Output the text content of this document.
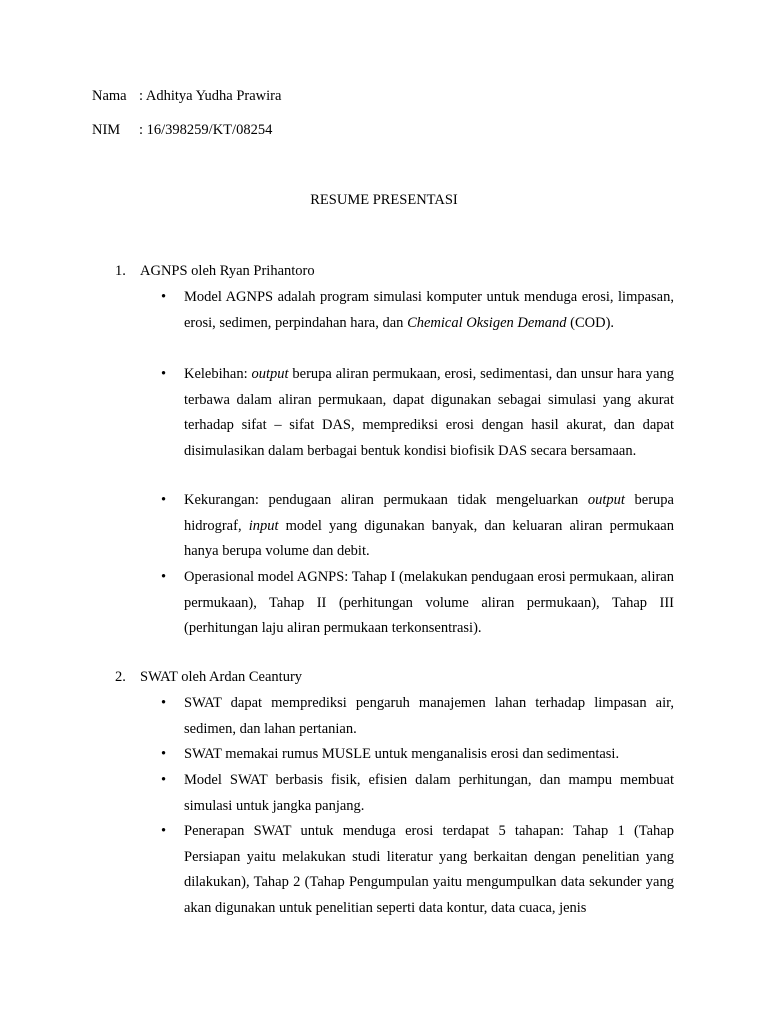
Nama : Adhitya Yudha Prawira
NIM : 16/398259/KT/08254
RESUME PRESENTASI
1. AGNPS oleh Ryan Prihantoro
• Model AGNPS adalah program simulasi komputer untuk menduga erosi, limpasan, erosi, sedimen, perpindahan hara, dan Chemical Oksigen Demand (COD).
• Kelebihan: output berupa aliran permukaan, erosi, sedimentasi, dan unsur hara yang terbawa dalam aliran permukaan, dapat digunakan sebagai simulasi yang akurat terhadap sifat – sifat DAS, memprediksi erosi dengan hasil akurat, dan dapat disimulasikan dalam berbagai bentuk kondisi biofisik DAS secara bersamaan.
• Kekurangan: pendugaan aliran permukaan tidak mengeluarkan output berupa hidrograf, input model yang digunakan banyak, dan keluaran aliran permukaan hanya berupa volume dan debit.
• Operasional model AGNPS: Tahap I (melakukan pendugaan erosi permukaan, aliran permukaan), Tahap II (perhitungan volume aliran permukaan), Tahap III (perhitungan laju aliran permukaan terkonsentrasi).
2. SWAT oleh Ardan Ceantury
• SWAT dapat memprediksi pengaruh manajemen lahan terhadap limpasan air, sedimen, dan lahan pertanian.
• SWAT memakai rumus MUSLE untuk menganalisis erosi dan sedimentasi.
• Model SWAT berbasis fisik, efisien dalam perhitungan, dan mampu membuat simulasi untuk jangka panjang.
• Penerapan SWAT untuk menduga erosi terdapat 5 tahapan: Tahap 1 (Tahap Persiapan yaitu melakukan studi literatur yang berkaitan dengan penelitian yang dilakukan), Tahap 2 (Tahap Pengumpulan yaitu mengumpulkan data sekunder yang akan digunakan untuk penelitian seperti data kontur, data cuaca, jenis
